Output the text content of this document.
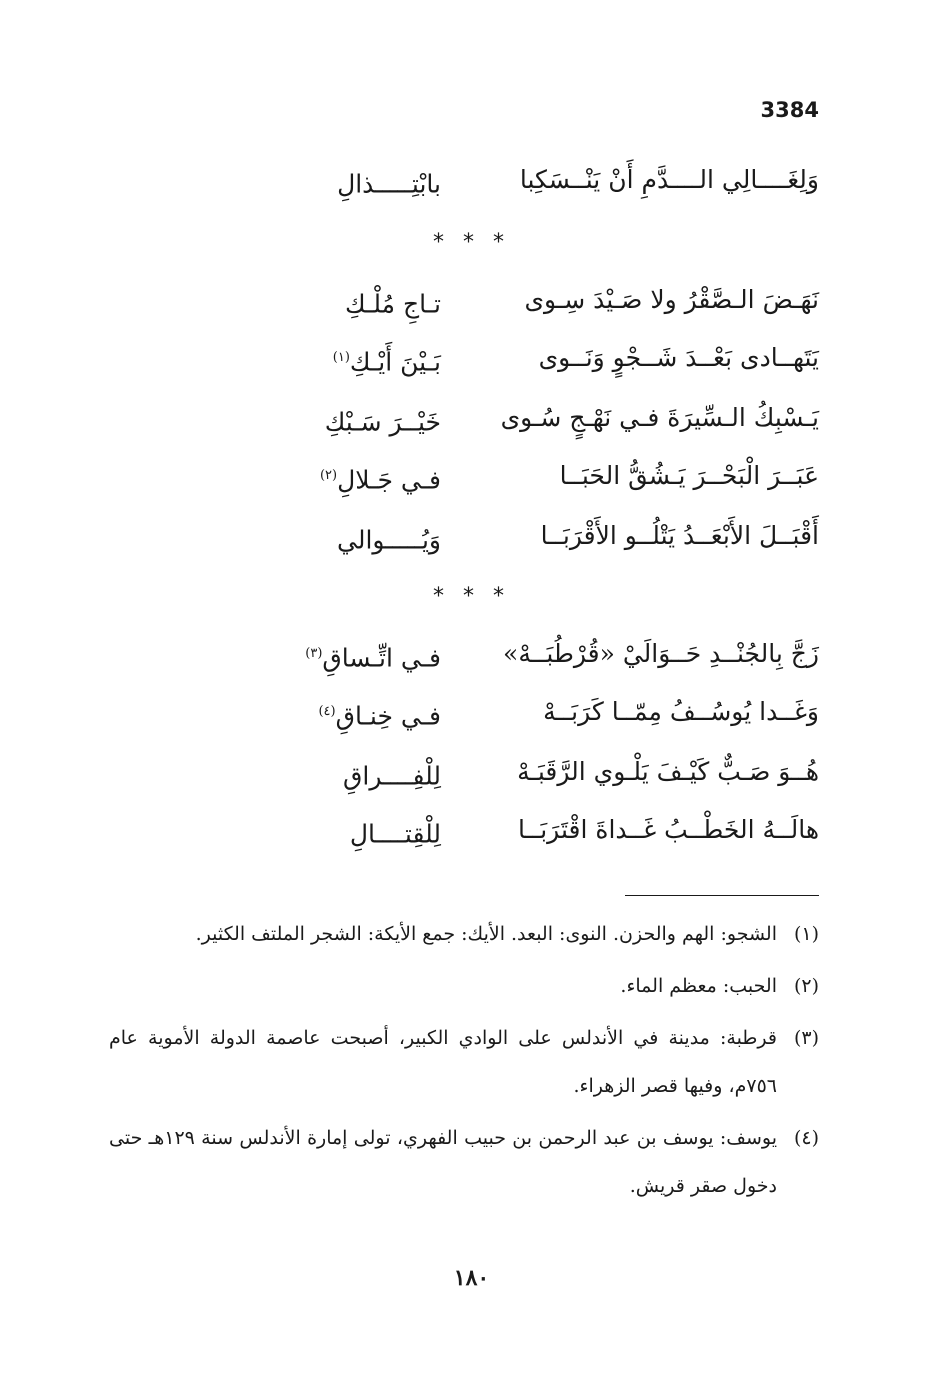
3384
وَلِغَــــالِي الــــدَّمِ أَنْ يَنْــسَكِبا
بابْتِـــــذالِ
* * *
نَهَـضَ الـصَّقْرُ ولا صَـيْدَ سِـوى
تـاجِ مُلْـكِ
يَتَهــادى بَعْــدَ شَــجْوٍ وَنَــوى
بَـيْنَ أَيْـكِ$^{(١)}$
يَـسْبِكُ الـسِّيرَةَ فـي نَهْـجٍ سُـوى
خَيْــرَ سَـبْكِ
عَبَــرَ الْبَحْــرَ يَـشُقُّ الحَبَــا
فـي جَـلالِ$^{(٢)}$
أَقْبَــلَ الأَبْعَــدُ يَتْلُــو الأَقْرَبَــا
وَيُـــــوالي
* * *
زَجَّ بِالجُنْــدِ حَــوَالَيْ «قُرْطُبَــهْ»
فـي اتِّـساقِ$^{(٣)}$
وَغَــدا يُوسُــفُ مِمّــا كَرَبَــهْ
فـي خِنـاقِ$^{(٤)}$
هُــوَ صَـبٌّ كَيْـفَ يَلْـوي الرَّقَبَـهْ
لِلْفِــــراقِ
هالَــهُ الخَطْــبُ غَــداةَ اقْتَرَبَــا
لِلْقِتــــالِ
(١)
الشجو: الهم والحزن. النوى: البعد. الأيك: جمع الأيكة: الشجر الملتف الكثير.
(٢)
الحبب: معظم الماء.
(٣)
قرطبة: مدينة في الأندلس على الوادي الكبير، أصبحت عاصمة الدولة الأموية عام ٧٥٦م، وفيها قصر الزهراء.
(٤)
يوسف: يوسف بن عبد الرحمن بن حبيب الفهري، تولى إمارة الأندلس سنة ١٢٩هـ حتى دخول صقر قريش.
١٨٠
